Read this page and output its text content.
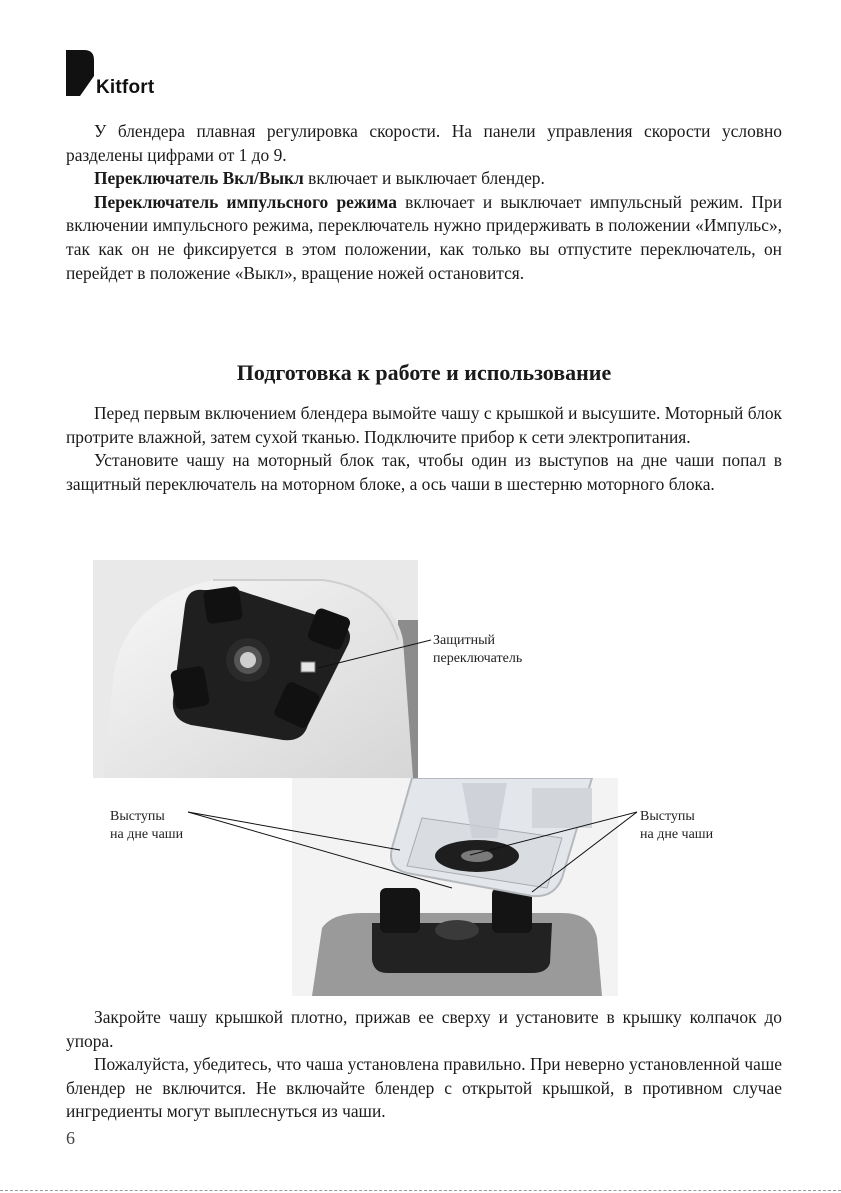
Kitfort

У блендера плавная регулировка скорости. На панели управления скорости условно разделены цифрами от 1 до 9.

Переключатель Вкл/Выкл включает и выключает блендер.

Переключатель импульсного режима включает и выключает импульсный режим. При включении импульсного режима, переключатель нужно придерживать в положении «Импульс», так как он не фиксируется в этом положении, как только вы отпустите переключатель, он перейдет в положение «Выкл», вращение ножей остановится.

Подготовка к работе и использование

Перед первым включением блендера вымойте чашу с крышкой и высушите. Моторный блок протрите влажной, затем сухой тканью. Подключите прибор к сети электропитания.

Установите чашу на моторный блок так, чтобы один из выступов на дне чаши попал в защитный переключатель на моторном блоке, а ось чаши в шестерню моторного блока.

Защитный
переключатель
Выступы
на дне чаши
Выступы
на дне чаши

Закройте чашу крышкой плотно, прижав ее сверху и установите в крышку колпачок до упора.

Пожалуйста, убедитесь, что чаша установлена правильно. При неверно установленной чаше блендер не включится. Не включайте блендер с открытой крышкой, в противном случае ингредиенты могут выплеснуться из чаши.

6
